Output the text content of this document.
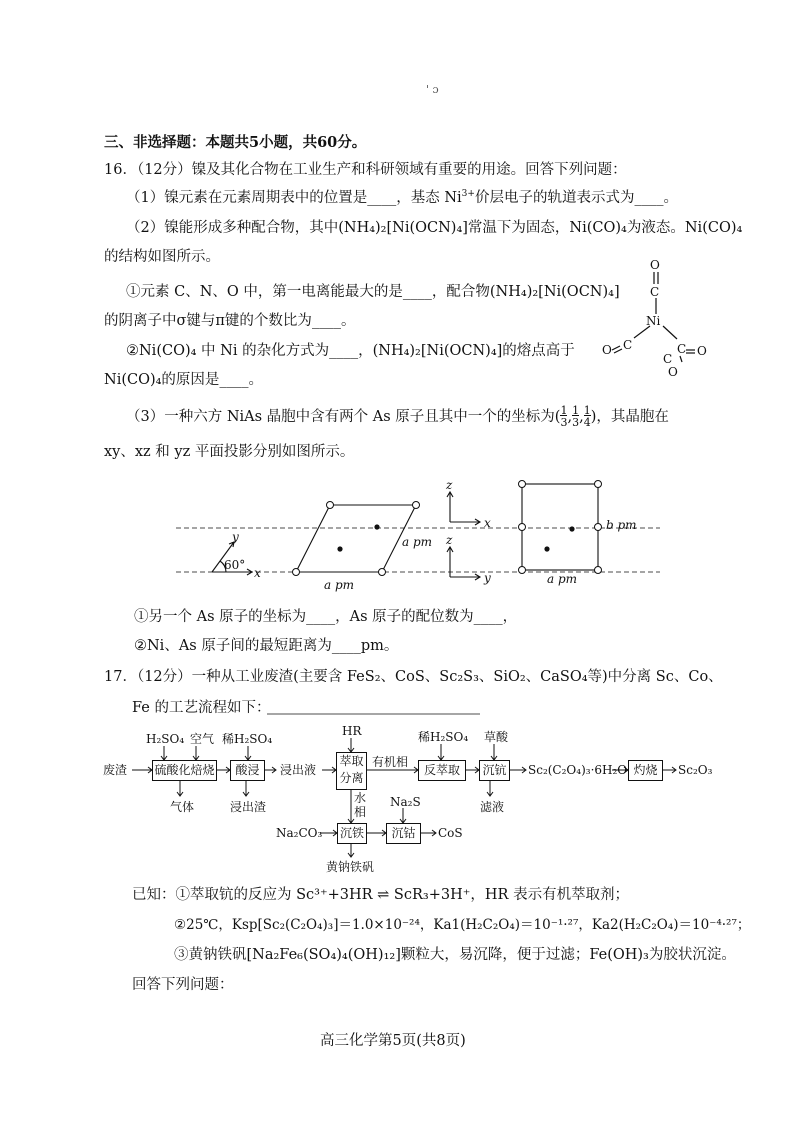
' ɔ
三、非选择题：本题共5小题，共60分。
16．（12分）镍及其化合物在工业生产和科研领域有重要的用途。回答下列问题：
（1）镍元素在元素周期表中的位置是____，基态 $Ni^{3+}$价层电子的轨道表示式为____。
（2）镍能形成多种配合物，其中(NH₄)₂[Ni(OCN)₄]常温下为固态，Ni(CO)₄为液态。Ni(CO)₄
的结构如图所示。
①元素 C、N、O 中，第一电离能最大的是____，配合物(NH₄)₂[Ni(OCN)₄]
的阴离子中σ键与π键的个数比为____。
②Ni(CO)₄ 中 Ni 的杂化方式为____，(NH₄)₂[Ni(OCN)₄]的熔点高于
Ni(CO)₄的原因是____。
O
C
Ni
O C	C O
C
O
（3）一种六方 NiAs 晶胞中含有两个 As 原子且其中一个的坐标为$(\frac{1}{3},\frac{1}{3},\frac{1}{4})$，其晶胞在
xy、xz 和 yz 平面投影分别如图所示。
y
60°
x
a pm
a pm
z
x
z
y
b pm
a pm
①另一个 As 原子的坐标为____，As 原子的配位数为____，
②Ni、As 原子间的最短距离为____pm。
17．（12分）一种从工业废渣(主要含 FeS₂、CoS、Sc₂S₃、SiO₂、CaSO₄等)中分离 Sc、Co、
Fe 的工艺流程如下：
废渣 硫酸化焙烧	酸浸
萃取
分离
反萃取	沉钪	灼烧
沉铁	沉钴
H₂SO₄ 空气 稀H₂SO₄
HR	稀H₂SO₄ 草酸
Na₂S
Na₂CO₃
气体	浸出渣
浸出液
有机相
水
相	滤液
Sc₂(C₂O₄)₃·6H₂O	Sc₂O₃
CoS
黄钠铁矾
已知：①萃取钪的反应为 Sc³⁺+3HR ⇌ ScR₃+3H⁺，HR 表示有机萃取剂；
②25℃，Ksp[Sc₂(C₂O₄)₃]＝1.0×10⁻²⁴，Ka1(H₂C₂O₄)＝10⁻¹·²⁷，Ka2(H₂C₂O₄)＝10⁻⁴·²⁷；
③黄钠铁矾[Na₂Fe₆(SO₄)₄(OH)₁₂]颗粒大，易沉降，便于过滤；Fe(OH)₃为胶状沉淀。
回答下列问题：
高三化学第5页(共8页)
